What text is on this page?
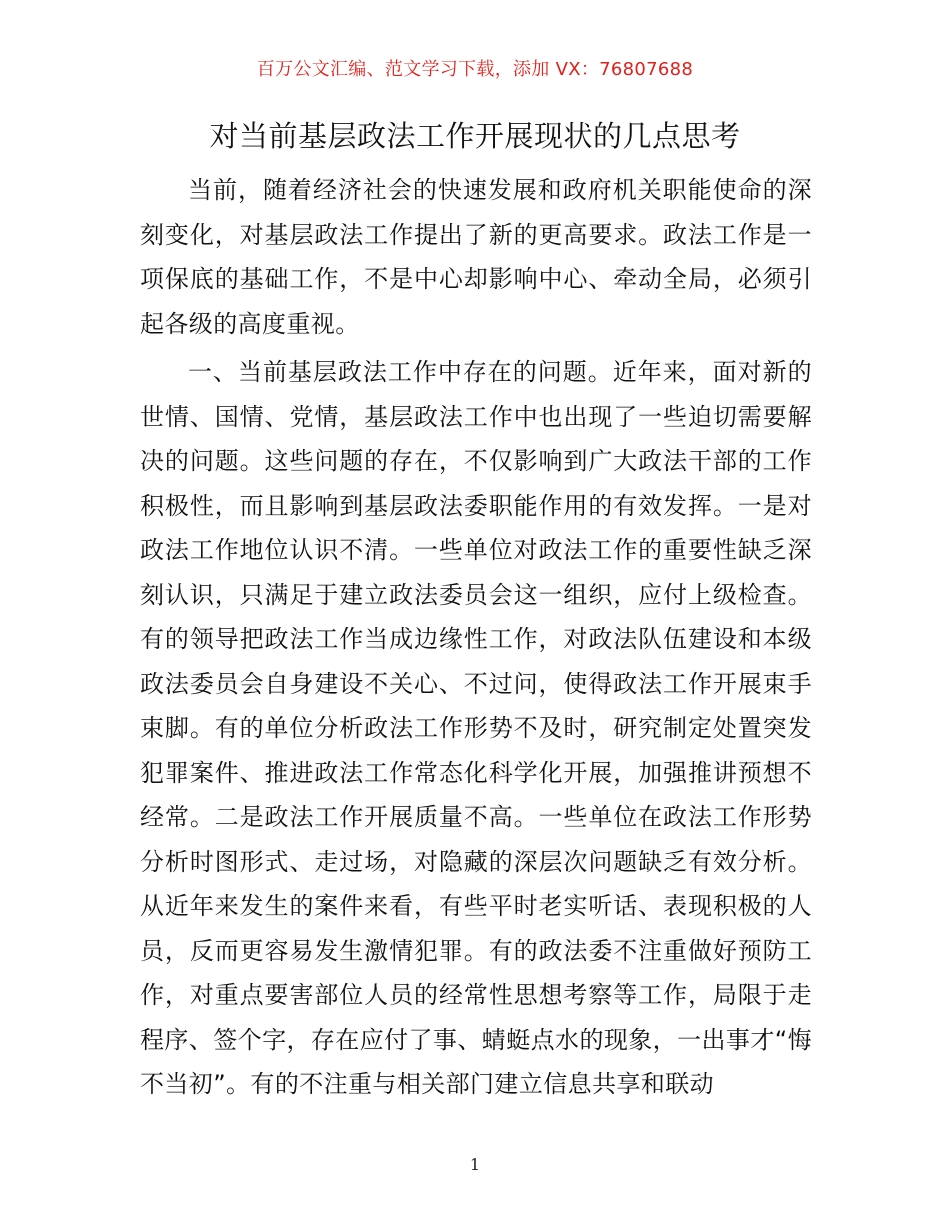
百万公文汇编、范文学习下载，添加 VX：76807688
对当前基层政法工作开展现状的几点思考

当前，随着经济社会的快速发展和政府机关职能使命的深刻变化，对基层政法工作提出了新的更高要求。政法工作是一项保底的基础工作，不是中心却影响中心、牵动全局，必须引起各级的高度重视。

一、当前基层政法工作中存在的问题。近年来，面对新的世情、国情、党情，基层政法工作中也出现了一些迫切需要解决的问题。这些问题的存在，不仅影响到广大政法干部的工作积极性，而且影响到基层政法委职能作用的有效发挥。一是对政法工作地位认识不清。一些单位对政法工作的重要性缺乏深刻认识，只满足于建立政法委员会这一组织，应付上级检查。有的领导把政法工作当成边缘性工作，对政法队伍建设和本级政法委员会自身建设不关心、不过问，使得政法工作开展束手束脚。有的单位分析政法工作形势不及时，研究制定处置突发犯罪案件、推进政法工作常态化科学化开展，加强推讲预想不经常。二是政法工作开展质量不高。一些单位在政法工作形势分析时图形式、走过场，对隐藏的深层次问题缺乏有效分析。从近年来发生的案件来看，有些平时老实听话、表现积极的人员，反而更容易发生激情犯罪。有的政法委不注重做好预防工作，对重点要害部位人员的经常性思想考察等工作，局限于走程序、签个字，存在应付了事、蜻蜓点水的现象，一出事才“悔不当初”。有的不注重与相关部门建立信息共享和联动

1
